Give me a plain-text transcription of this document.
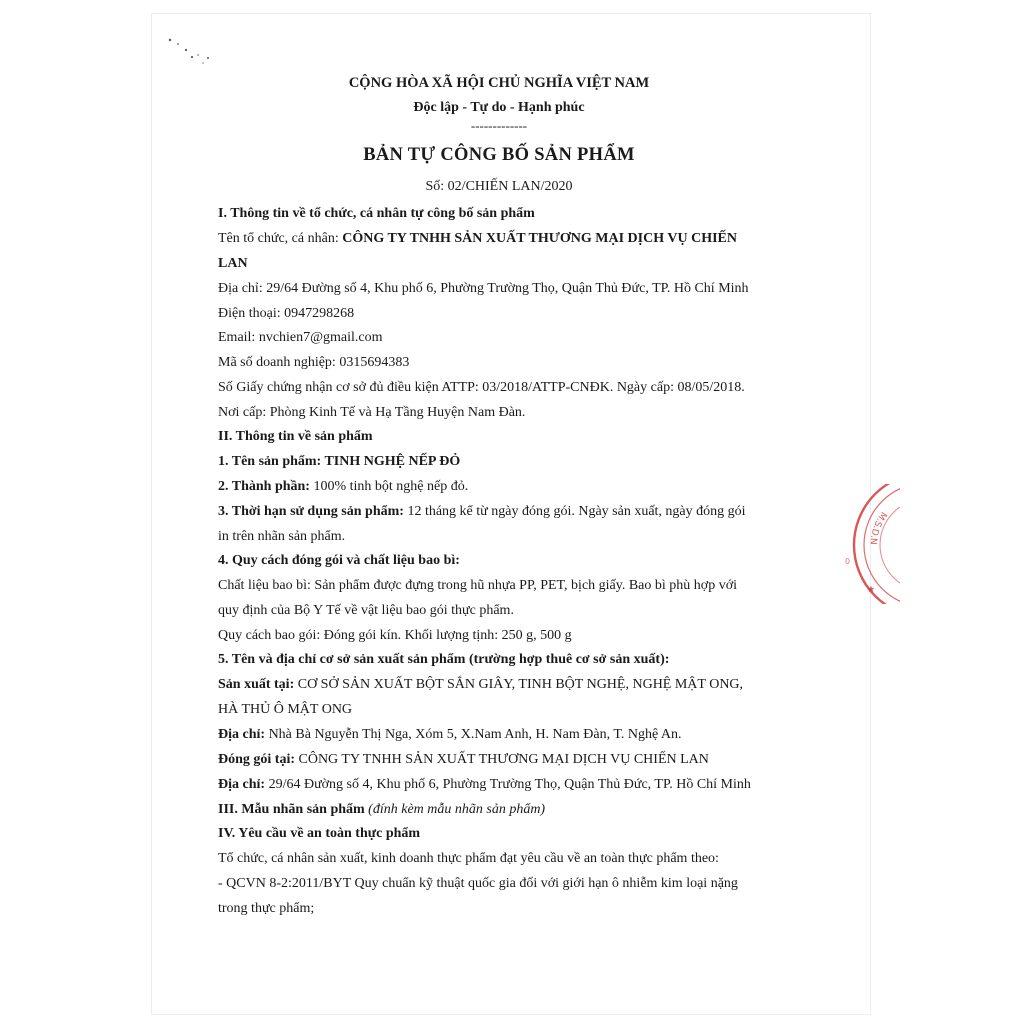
CỘNG HÒA XÃ HỘI CHỦ NGHĨA VIỆT NAM
Độc lập - Tự do - Hạnh phúc
-------------
BẢN TỰ CÔNG BỐ SẢN PHẨM
Số: 02/CHIẾN LAN/2020
I. Thông tin về tổ chức, cá nhân tự công bố sản phẩm
Tên tổ chức, cá nhân: CÔNG TY TNHH SẢN XUẤT THƯƠNG MẠI DỊCH VỤ CHIẾN
LAN
Địa chỉ: 29/64 Đường số 4, Khu phố 6, Phường Trường Thọ, Quận Thủ Đức, TP. Hồ Chí Minh
Điện thoại: 0947298268
Email: nvchien7@gmail.com
Mã số doanh nghiệp: 0315694383
Số Giấy chứng nhận cơ sở đủ điều kiện ATTP: 03/2018/ATTP-CNĐK. Ngày cấp: 08/05/2018.
Nơi cấp: Phòng Kinh Tế và Hạ Tầng Huyện Nam Đàn.
II. Thông tin về sản phẩm
1. Tên sản phẩm: TINH NGHỆ NẾP ĐỎ
2. Thành phần: 100% tinh bột nghệ nếp đỏ.
3. Thời hạn sử dụng sản phẩm: 12 tháng kể từ ngày đóng gói. Ngày sản xuất, ngày đóng gói
in trên nhãn sản phẩm.
4. Quy cách đóng gói và chất liệu bao bì:
Chất liệu bao bì: Sản phẩm được đựng trong hũ nhựa PP, PET, bịch giấy. Bao bì phù hợp với
quy định của Bộ Y Tế về vật liệu bao gói thực phẩm.
Quy cách bao gói: Đóng gói kín. Khối lượng tịnh: 250 g, 500 g
5. Tên và địa chỉ cơ sở sản xuất sản phẩm (trường hợp thuê cơ sở sản xuất):
Sản xuất tại: CƠ SỞ SẢN XUẤT BỘT SẮN GIÂY, TINH BỘT NGHỆ, NGHỆ MẬT ONG,
HÀ THỦ Ô MẬT ONG
Địa chỉ: Nhà Bà Nguyễn Thị Nga, Xóm 5, X.Nam Anh, H. Nam Đàn, T. Nghệ An.
Đóng gói tại: CÔNG TY TNHH SẢN XUẤT THƯƠNG MẠI DỊCH VỤ CHIẾN LAN
Địa chỉ: 29/64 Đường số 4, Khu phố 6, Phường Trường Thọ, Quận Thủ Đức, TP. Hồ Chí Minh
III. Mẫu nhãn sản phẩm (đính kèm mẫu nhãn sản phẩm)
IV. Yêu cầu về an toàn thực phẩm
Tổ chức, cá nhân sản xuất, kinh doanh thực phẩm đạt yêu cầu về an toàn thực phẩm theo:
- QCVN 8-2:2011/BYT Quy chuẩn kỹ thuật quốc gia đối với giới hạn ô nhiễm kim loại nặng
trong thực phẩm;
M.S.D.N
★
0
